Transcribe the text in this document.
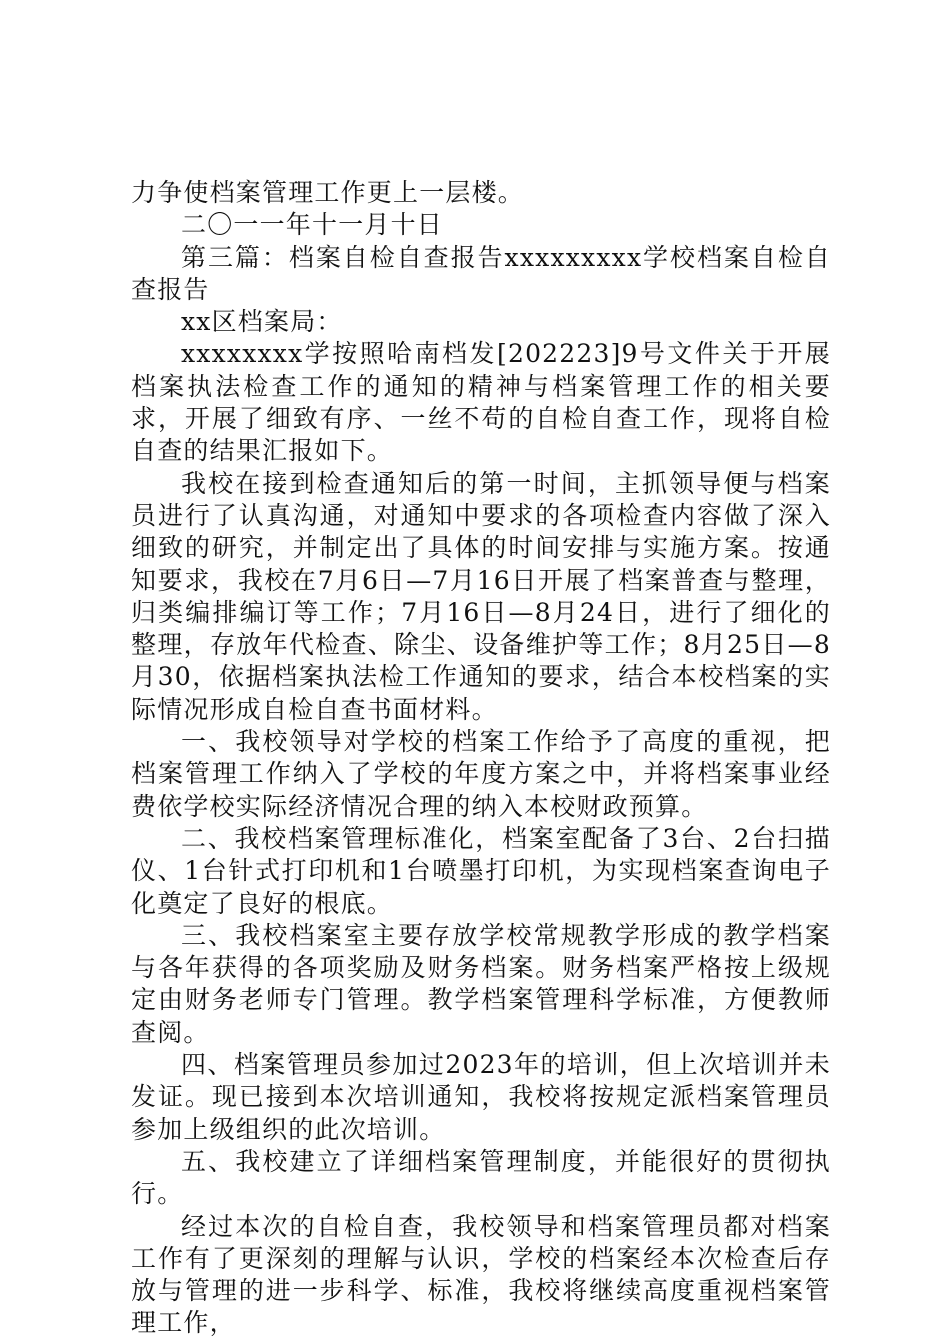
力争使档案管理工作更上一层楼。

二〇一一年十一月十日

第三篇：档案自检自查报告xxxxxxxxx学校档案自检自查报告

xx区档案局：

xxxxxxxx学按照哈南档发[202223]9号文件关于开展档案执法检查工作的通知的精神与档案管理工作的相关要求，开展了细致有序、一丝不苟的自检自查工作，现将自检自查的结果汇报如下。

我校在接到检查通知后的第一时间，主抓领导便与档案员进行了认真沟通，对通知中要求的各项检查内容做了深入细致的研究，并制定出了具体的时间安排与实施方案。按通知要求，我校在7月6日—7月16日开展了档案普查与整理，归类编排编订等工作；7月16日—8月24日，进行了细化的整理，存放年代检查、除尘、设备维护等工作；8月25日—8月30，依据档案执法检工作通知的要求，结合本校档案的实际情况形成自检自查书面材料。

一、我校领导对学校的档案工作给予了高度的重视，把档案管理工作纳入了学校的年度方案之中，并将档案事业经费依学校实际经济情况合理的纳入本校财政预算。

二、我校档案管理标准化，档案室配备了3台、2台扫描仪、1台针式打印机和1台喷墨打印机，为实现档案查询电子化奠定了良好的根底。

三、我校档案室主要存放学校常规教学形成的教学档案与各年获得的各项奖励及财务档案。财务档案严格按上级规定由财务老师专门管理。教学档案管理科学标准，方便教师查阅。

四、档案管理员参加过2023年的培训，但上次培训并未发证。现已接到本次培训通知，我校将按规定派档案管理员参加上级组织的此次培训。

五、我校建立了详细档案管理制度，并能很好的贯彻执行。

经过本次的自检自查，我校领导和档案管理员都对档案工作有了更深刻的理解与认识，学校的档案经本次检查后存放与管理的进一步科学、标准，我校将继续高度重视档案管理工作，
